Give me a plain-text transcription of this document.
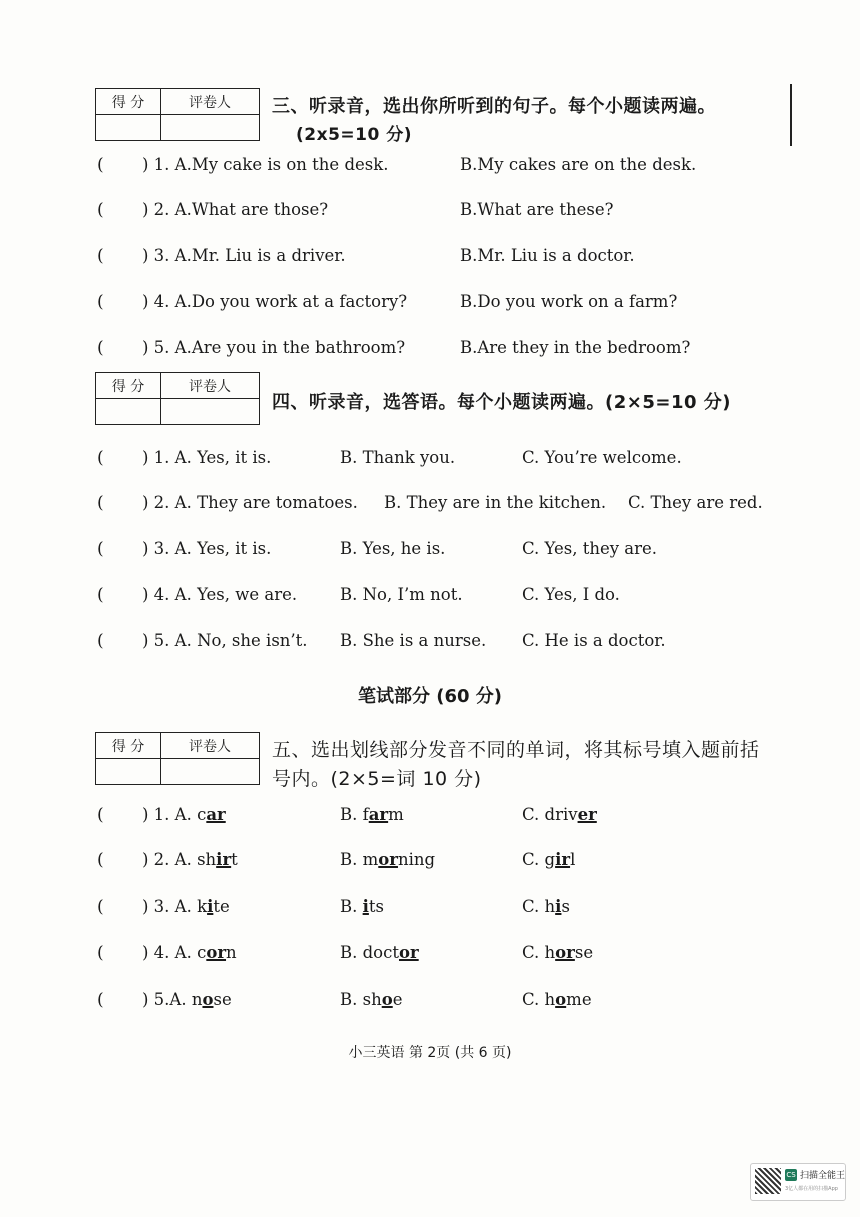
得 分	评卷人
	三、听录音，选出你所听到的句子。每个小题读两遍。
(2x5=10 分)
( ) 1. A.My cake is on the desk.	B.My cakes are on the desk.
( ) 2. A.What are those?	B.What are these?
( ) 3. A.Mr. Liu is a driver.	B.Mr. Liu is a doctor.
( ) 4. A.Do you work at a factory?	B.Do you work on a farm?
( ) 5. A.Are you in the bathroom?	B.Are they in the bedroom?
得 分	评卷人

四、听录音，选答语。每个小题读两遍。(2×5=10 分)
( ) 1. A. Yes, it is.	B. Thank you.	C. You’re welcome.
( ) 2. A. They are tomatoes. B. They are in the kitchen. C. They are red.
( ) 3. A. Yes, it is.	B. Yes, he is.	C. Yes, they are.
( ) 4. A. Yes, we are.	B. No, I’m not.	C. Yes, I do.
( ) 5. A. No, she isn’t. B. She is a nurse. C. He is a doctor.
笔试部分 (60 分)
得 分	评卷人
	五、选出划线部分发音不同的单词，将其标号填入题前括
号内。(2×5=词 10 分)
( ) 1. A. car	B. farm	C. driver
( ) 2. A. shirt	B. morning	C. girl
( ) 3. A. kite	B. its	C. his
( ) 4. A. corn	B. doctor	C. horse
( ) 5.A. nose	B. shoe	C. home
小三英语 第 2页 (共 6 页)
CS 扫描全能王
3亿人都在用的扫描App
